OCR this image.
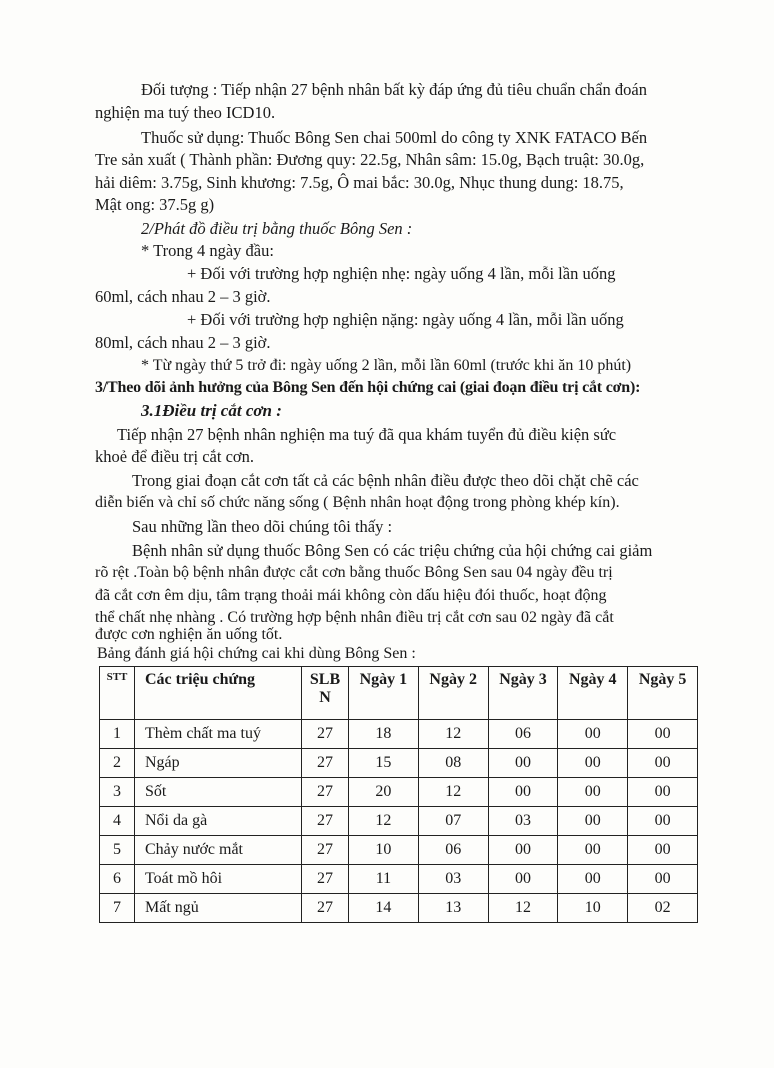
Đối tượng : Tiếp nhận 27 bệnh nhân bất kỳ đáp ứng đủ tiêu chuẩn chẩn đoán

nghiện ma tuý theo ICD10.

Thuốc sử dụng: Thuốc Bông Sen chai 500ml do công ty XNK FATACO Bến

Tre sản xuất ( Thành phần: Đương quy: 22.5g, Nhân sâm: 15.0g, Bạch truật: 30.0g,

hải diêm: 3.75g, Sinh khương: 7.5g, Ô mai bắc: 30.0g, Nhục thung dung: 18.75,

Mật ong: 37.5g g)

2/Phát đồ điều trị bằng thuốc Bông Sen :

* Trong 4 ngày đầu:

+ Đối với trường hợp nghiện nhẹ: ngày uống 4 lần, mỗi lần uống

60ml, cách nhau 2 – 3 giờ.

+ Đối với trường hợp nghiện nặng: ngày uống 4 lần, mỗi lần uống

80ml, cách nhau 2 – 3 giờ.

* Từ ngày thứ 5 trở đi: ngày uống 2 lần, mỗi lần 60ml (trước khi ăn 10 phút)

3/Theo dõi ảnh hưởng của Bông Sen đến hội chứng cai (giai đoạn điều trị cắt cơn):

3.1Điều trị cắt cơn :

Tiếp nhận 27 bệnh nhân nghiện ma tuý đã qua khám tuyển đủ điều kiện sức

khoẻ để điều trị cắt cơn.

Trong giai đoạn cắt cơn tất cả các bệnh nhân điều được theo dõi chặt chẽ các

diễn biến và chỉ số chức năng sống ( Bệnh nhân hoạt động trong phòng khép kín).

Sau những lần theo dõi chúng tôi thấy :

Bệnh nhân sử dụng thuốc Bông Sen có các triệu chứng của hội chứng cai giảm

rõ rệt .Toàn bộ bệnh nhân được cắt cơn bằng thuốc Bông Sen sau 04 ngày đều trị

đã cắt cơn êm dịu, tâm trạng thoải mái không còn dấu hiệu đói thuốc, hoạt động

thể chất nhẹ nhàng . Có trường hợp bệnh nhân điều trị cắt cơn sau 02 ngày đã cắt

được cơn nghiện ăn uống tốt.

Bảng đánh giá hội chứng cai khi dùng Bông Sen :

STT	Các triệu chứng	SLB N	Ngày 1	Ngày 2	Ngày 3	Ngày 4	Ngày 5
1	Thèm chất ma tuý	27	18	12	06	00	00
2	Ngáp	27	15	08	00	00	00
3	Sốt	27	20	12	00	00	00
4	Nổi da gà	27	12	07	03	00	00
5	Chảy nước mắt	27	10	06	00	00	00
6	Toát mồ hôi	27	11	03	00	00	00
7	Mất ngủ	27	14	13	12	10	02
